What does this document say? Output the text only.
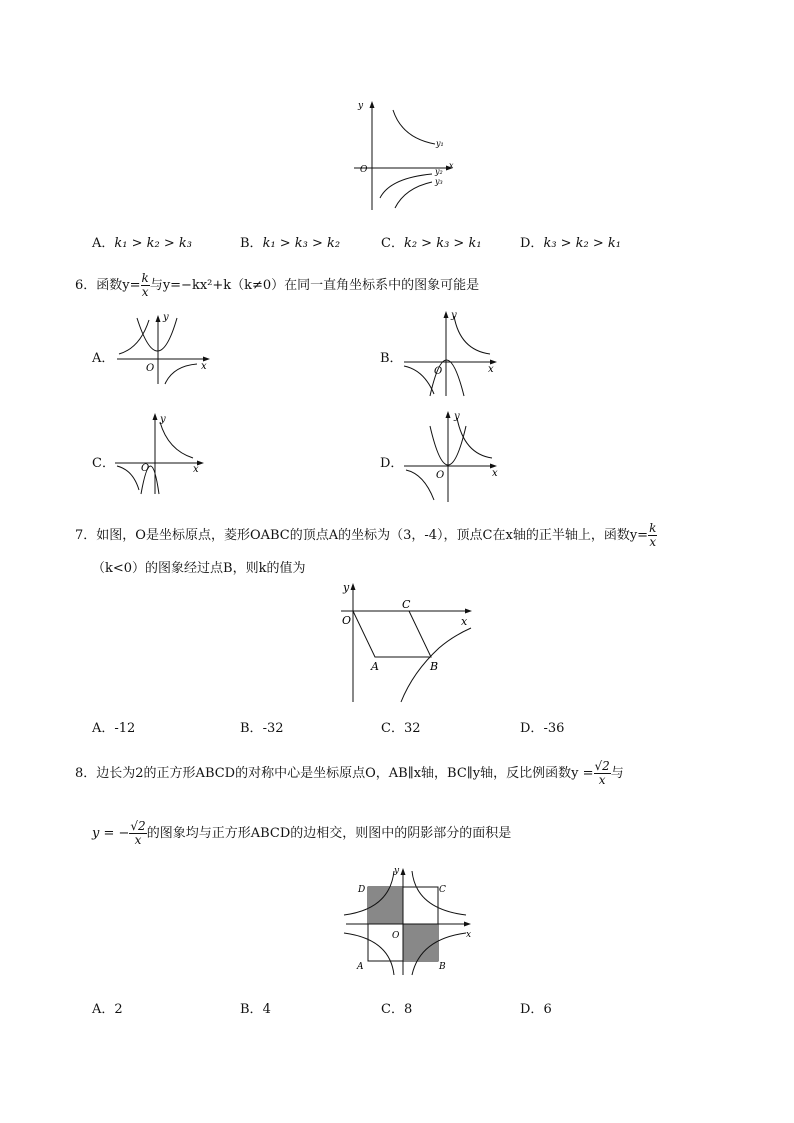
y
x
O
y₁
y₂
y₃
A．k₁ > k₂ > k₃	B．k₁ > k₃ > k₂	C．k₂ > k₃ > k₁	D．k₃ > k₂ > k₁
6．函数$y= \frac{k}{x}$ 与y=−kx²+k（k≠0）在同一直角坐标系中的图象可能是
A．
y
x
O
B．
y
x
O
C．
y
x
O	D．
y
x
O
7．如图，O是坐标原点，菱形OABC的顶点A的坐标为（3，-4），顶点C在x轴的正半轴上，函数$y= \frac{k}{x}$
（k<0）的图象经过点B，则k的值为
y
x
O
C
A	B
A．-12	B．-32	C．32	D．-36
8．边长为2的正方形ABCD的对称中心是坐标原点O，AB∥x轴，BC∥y轴，反比例函数$y = \frac{√2}{x}$ 与
y = − $\frac{√2}{x}$ 的图象均与正方形ABCD的边相交，则图中的阴影部分的面积是
y
x
O
D	C
A	B
A．2	B．4	C．8	D．6
